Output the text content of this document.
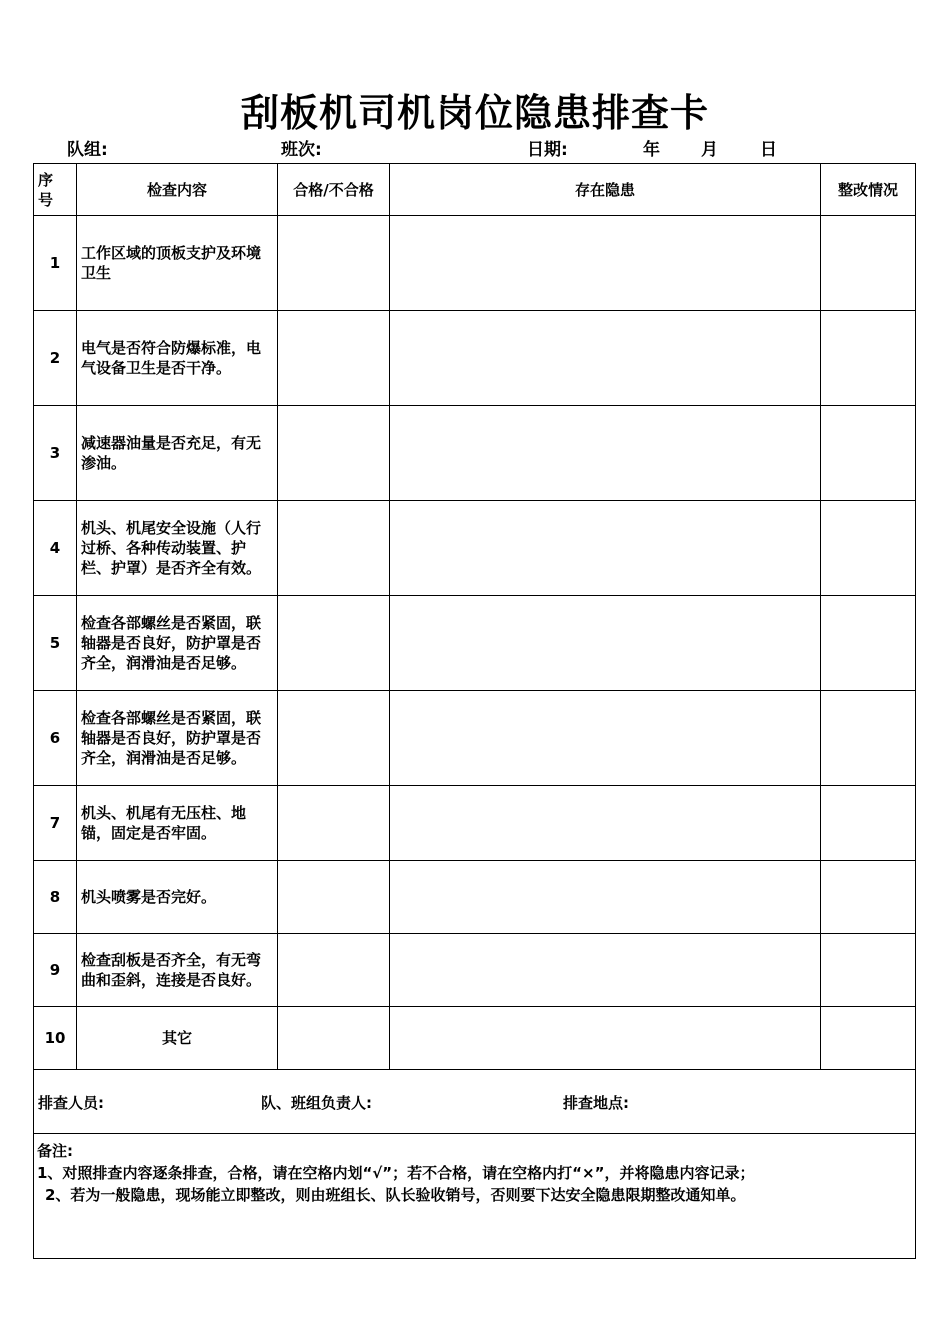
刮板机司机岗位隐患排查卡
队组:	班次:	日期:	年 月 日
序
号	检查内容	合格/不合格	存在隐患	整改情况
1	工作区域的顶板支护及环境卫生			
2	电气是否符合防爆标准，电气设备卫生是否干净。			
3	减速器油量是否充足，有无渗油。			
4	机头、机尾安全设施（人行过桥、各种传动装置、护栏、护罩）是否齐全有效。			
5	检查各部螺丝是否紧固，联轴器是否良好，防护罩是否齐全，润滑油是否足够。			
6	检查各部螺丝是否紧固，联轴器是否良好，防护罩是否齐全，润滑油是否足够。			
7	机头、机尾有无压柱、地锚，固定是否牢固。			
8	机头喷雾是否完好。			
9	检查刮板是否齐全，有无弯曲和歪斜，连接是否良好。			
10	其它			

排查人员: 队、班组负责人: 排查地点:				

备注:
1、对照排查内容逐条排查，合格，请在空格内划“√”；若不合格，请在空格内打“×”，并将隐患内容记录；
2、若为一般隐患，现场能立即整改，则由班组长、队长验收销号，否则要下达安全隐患限期整改通知单。				
